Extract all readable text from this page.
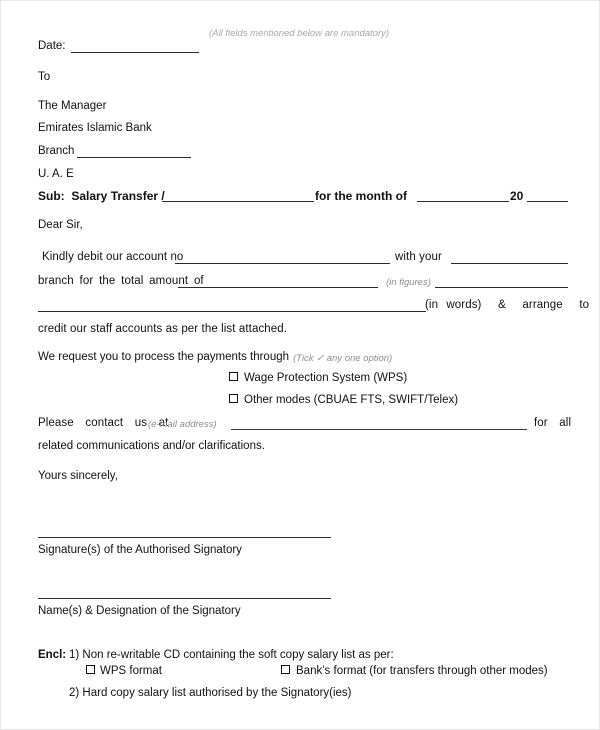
(All fields mentioned below are mandatory)
Date:
To
The Manager
Emirates Islamic Bank
Branch
U. A. E
Sub:  Salary Transfer /	for the month of	20
Dear Sir,
Kindly debit our account no	with your
branch for the total amount of	(in figures)
(in words)  &  arrange  to
credit our staff accounts as per the list attached.
We request you to process the payments through (Tick ✓ any one option)
Wage Protection System (WPS)
Other modes (CBUAE FTS, SWIFT/Telex)
Please  contact  us  at
(e-mail address)	for  all
related communications and/or clarifications.
Yours sincerely,
Signature(s) of the Authorised Signatory
Name(s) & Designation of the Signatory
Encl: 1) Non re-writable CD containing the soft copy salary list as per:
WPS format	Bank’s format (for transfers through other modes)
2) Hard copy salary list authorised by the Signatory(ies)
